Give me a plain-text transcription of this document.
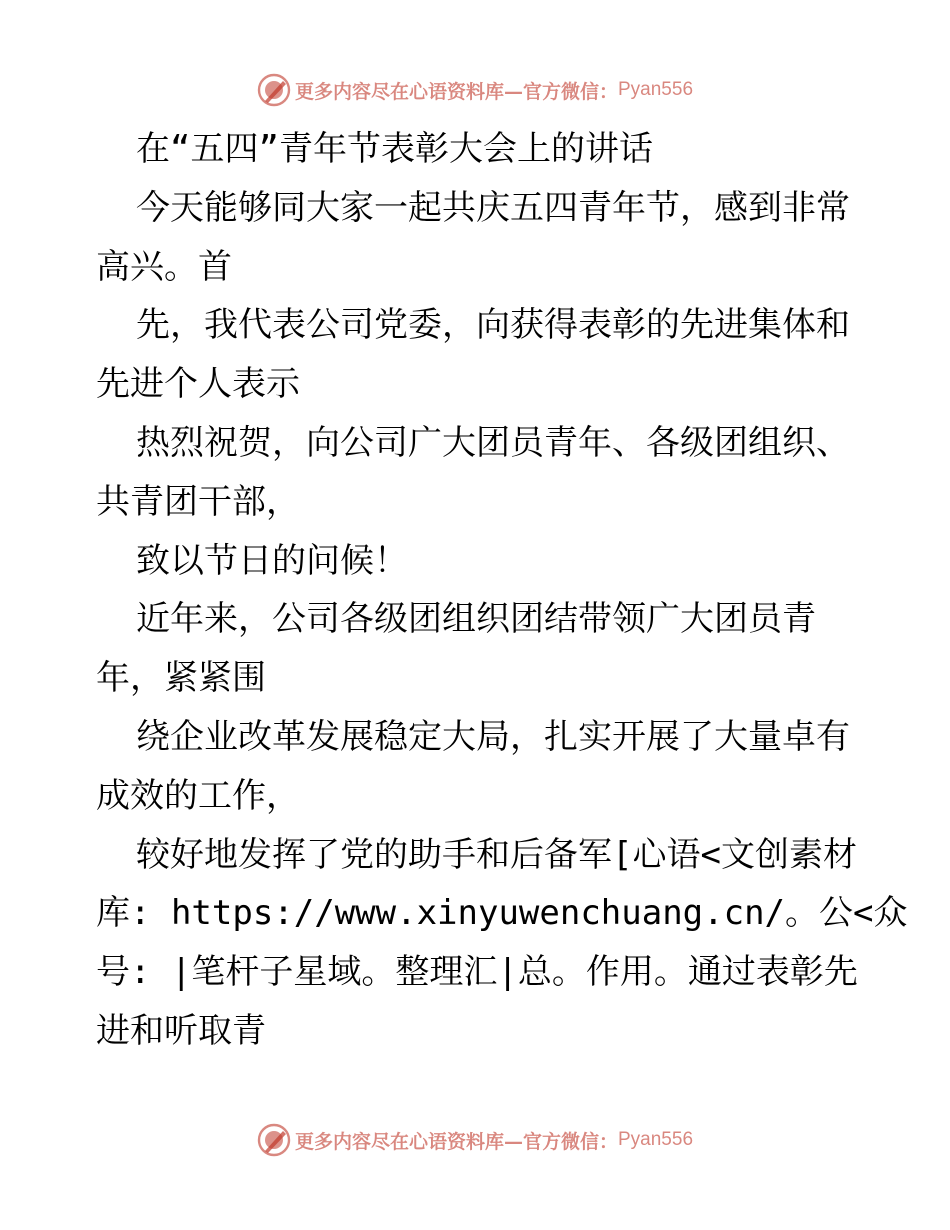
更多内容尽在心语资料库—官方微信： Pyan556
在“五四”青年节表彰大会上的讲话
今天能够同大家一起共庆五四青年节，感到非常
高兴。首
先，我代表公司党委，向获得表彰的先进集体和
先进个人表示
热烈祝贺，向公司广大团员青年、各级团组织、
共青团干部，
致以节日的问候！
近年来，公司各级团组织团结带领广大团员青
年，紧紧围
绕企业改革发展稳定大局，扎实开展了大量卓有
成效的工作，
较好地发挥了党的助手和后备军[心语<文创素材
库: https://www.xinyuwenchuang.cn/。公<众
号: |笔杆子星域。整理汇|总。作用。通过表彰先
进和听取青
更多内容尽在心语资料库—官方微信： Pyan556
